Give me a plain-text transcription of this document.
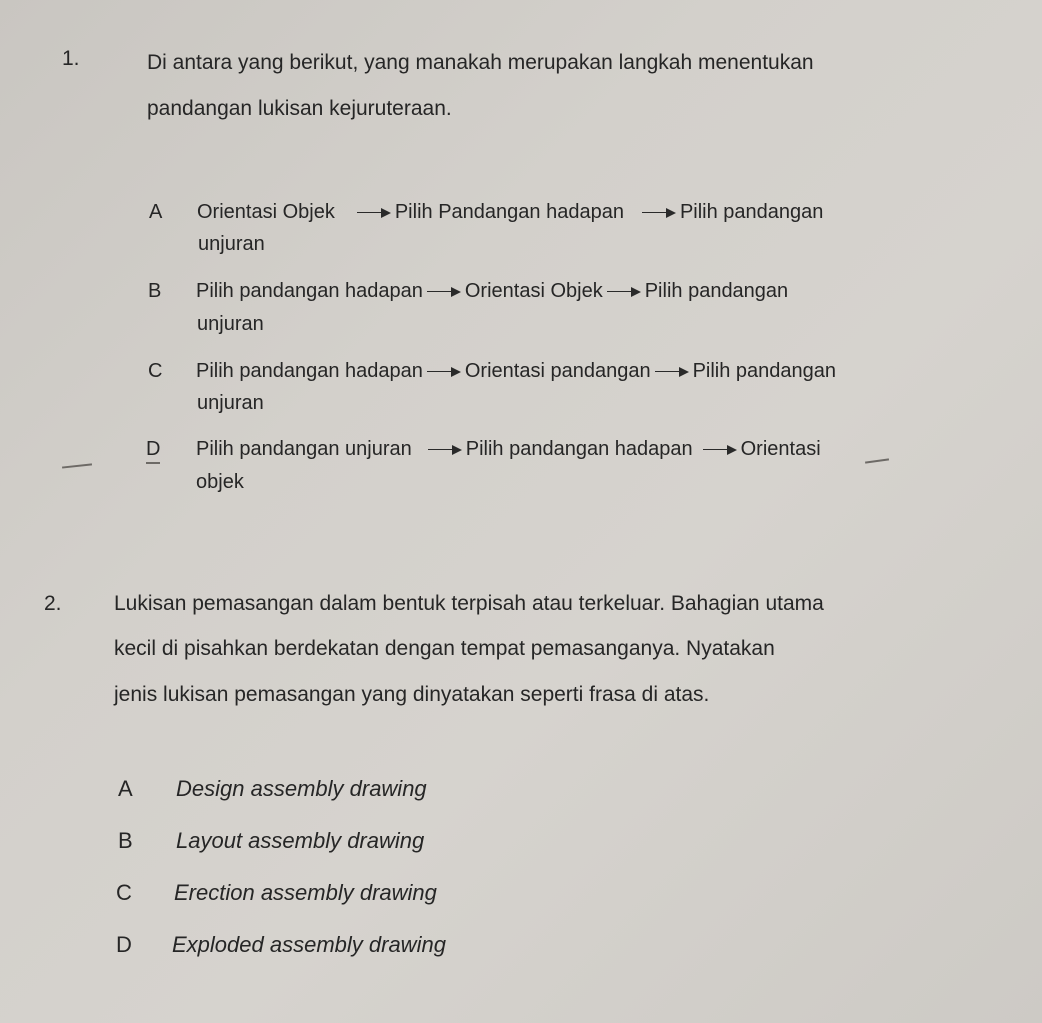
1.	Di antara yang berikut, yang manakah merupakan langkah menentukan
pandangan lukisan kejuruteraan.
A Orientasi Objek	Pilih Pandangan hadapan	Pilih pandangan
unjuran
B Pilih pandangan hadapan Orientasi Objek Pilih pandangan
unjuran
C Pilih pandangan hadapan Orientasi pandangan Pilih pandangan
unjuran
D Pilih pandangan unjuran	Pilih pandangan hadapan Orientasi
objek
2. Lukisan pemasangan dalam bentuk terpisah atau terkeluar. Bahagian utama
kecil di pisahkan berdekatan dengan tempat pemasanganya. Nyatakan
jenis lukisan pemasangan yang dinyatakan seperti frasa di atas.
A Design assembly drawing
B Layout assembly drawing
C Erection assembly drawing
D Exploded assembly drawing
